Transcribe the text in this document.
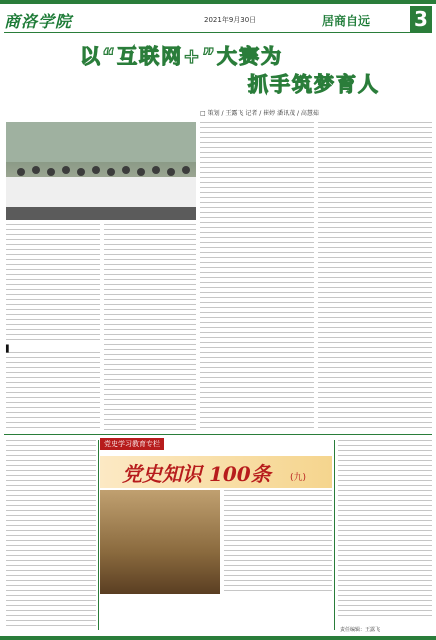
商洛学院	2021年9月30日	居商自远 3
以“互联网+”大赛为
抓手筑梦育人
□ 策划 / 王露飞 记者 / 崔婷 潘讯茂 / 高慧茹
▌
党史学习教育专栏
党史知识 100条 (九)
责任编辑：王露飞
